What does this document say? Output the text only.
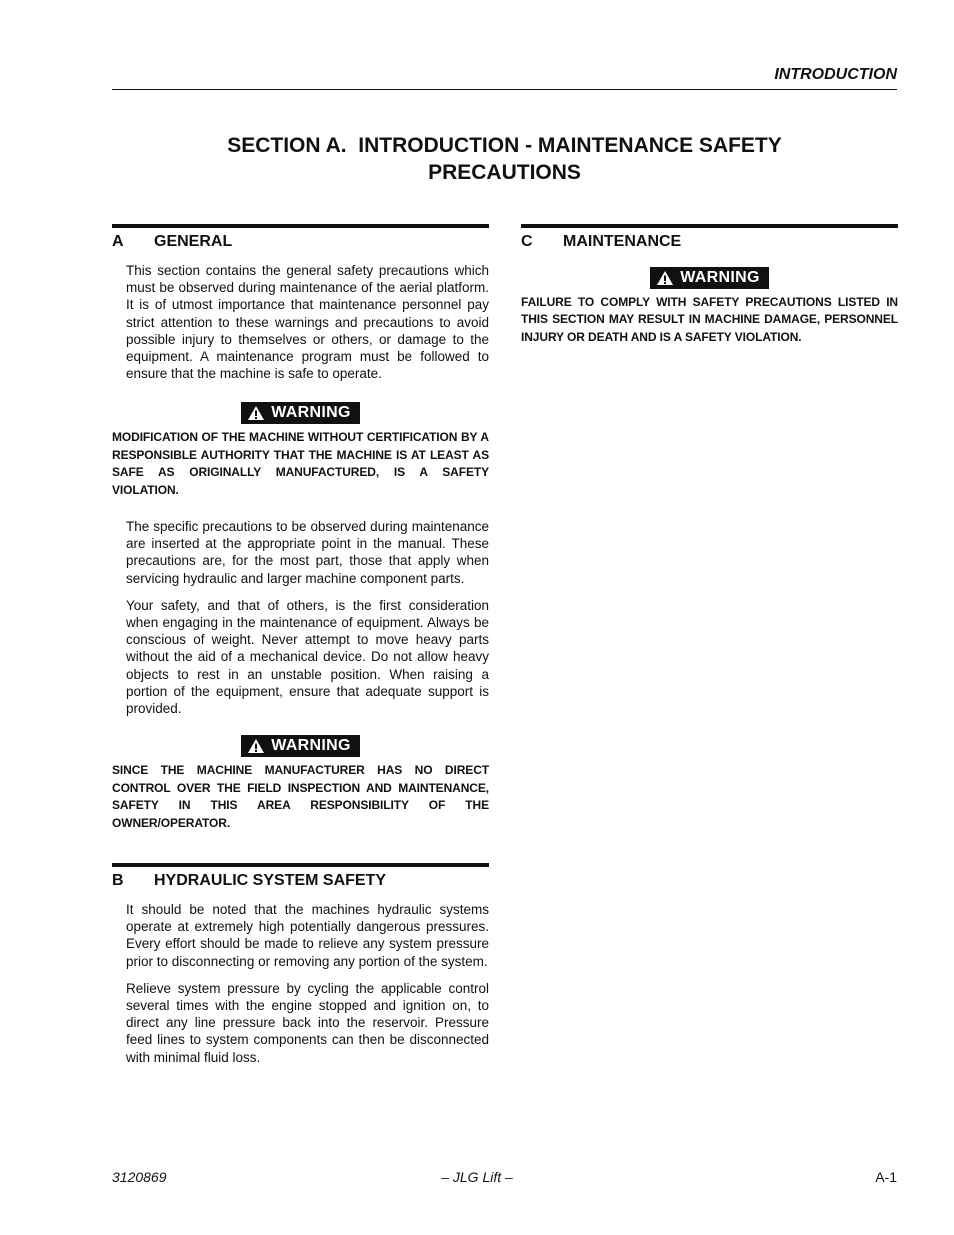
INTRODUCTION
SECTION A.  INTRODUCTION - MAINTENANCE SAFETY
PRECAUTIONS
A	GENERAL

This section contains the general safety precautions which must be observed during maintenance of the aerial platform. It is of utmost importance that maintenance personnel pay strict attention to these warnings and precautions to avoid possible injury to themselves or others, or damage to the equipment. A maintenance program must be followed to ensure that the machine is safe to operate.

WARNING

MODIFICATION OF THE MACHINE WITHOUT CERTIFICATION BY A RESPONSIBLE AUTHORITY THAT THE MACHINE IS AT LEAST AS SAFE AS ORIGINALLY MANUFACTURED, IS A SAFETY VIOLATION.

The specific precautions to be observed during maintenance are inserted at the appropriate point in the manual. These precautions are, for the most part, those that apply when servicing hydraulic and larger machine component parts.

Your safety, and that of others, is the first consideration when engaging in the maintenance of equipment. Always be conscious of weight. Never attempt to move heavy parts without the aid of a mechanical device. Do not allow heavy objects to rest in an unstable position. When raising a portion of the equipment, ensure that adequate support is provided.

WARNING

SINCE THE MACHINE MANUFACTURER HAS NO DIRECT CONTROL OVER THE FIELD INSPECTION AND MAINTENANCE, SAFETY IN THIS AREA RESPONSIBILITY OF THE OWNER/OPERATOR.

B	HYDRAULIC SYSTEM SAFETY

It should be noted that the machines hydraulic systems operate at extremely high potentially dangerous pressures. Every effort should be made to relieve any system pressure prior to disconnecting or removing any portion of the system.

Relieve system pressure by cycling the applicable control several times with the engine stopped and ignition on, to direct any line pressure back into the reservoir. Pressure feed lines to system components can then be disconnected with minimal fluid loss.

C	MAINTENANCE
WARNING

FAILURE TO COMPLY WITH SAFETY PRECAUTIONS LISTED IN THIS SECTION MAY RESULT IN MACHINE DAMAGE, PERSONNEL INJURY OR DEATH AND IS A SAFETY VIOLATION.

3120869	– JLG Lift –	A-1
